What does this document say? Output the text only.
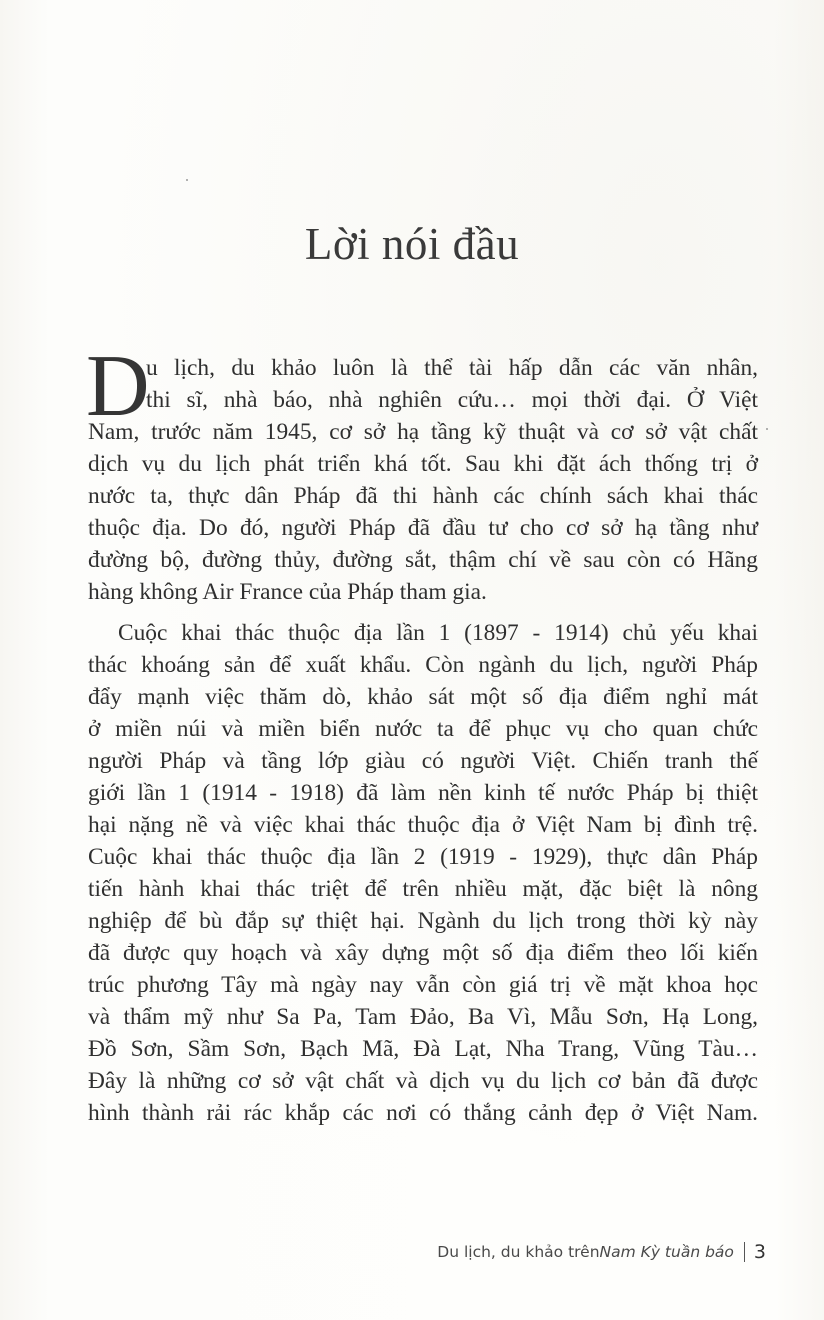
Lời nói đầu
D
u lịch, du khảo luôn là thể tài hấp dẫn các văn nhân,
thi sĩ, nhà báo, nhà nghiên cứu… mọi thời đại. Ở Việt
Nam, trước năm 1945, cơ sở hạ tầng kỹ thuật và cơ sở vật chất
dịch vụ du lịch phát triển khá tốt. Sau khi đặt ách thống trị ở
nước ta, thực dân Pháp đã thi hành các chính sách khai thác
thuộc địa. Do đó, người Pháp đã đầu tư cho cơ sở hạ tầng như
đường bộ, đường thủy, đường sắt, thậm chí về sau còn có Hãng
hàng không Air France của Pháp tham gia.
Cuộc khai thác thuộc địa lần 1 (1897 - 1914) chủ yếu khai
thác khoáng sản để xuất khẩu. Còn ngành du lịch, người Pháp
đẩy mạnh việc thăm dò, khảo sát một số địa điểm nghỉ mát
ở miền núi và miền biển nước ta để phục vụ cho quan chức
người Pháp và tầng lớp giàu có người Việt. Chiến tranh thế
giới lần 1 (1914 - 1918) đã làm nền kinh tế nước Pháp bị thiệt
hại nặng nề và việc khai thác thuộc địa ở Việt Nam bị đình trệ.
Cuộc khai thác thuộc địa lần 2 (1919 - 1929), thực dân Pháp
tiến hành khai thác triệt để trên nhiều mặt, đặc biệt là nông
nghiệp để bù đắp sự thiệt hại. Ngành du lịch trong thời kỳ này
đã được quy hoạch và xây dựng một số địa điểm theo lối kiến
trúc phương Tây mà ngày nay vẫn còn giá trị về mặt khoa học
và thẩm mỹ như Sa Pa, Tam Đảo, Ba Vì, Mẫu Sơn, Hạ Long,
Đồ Sơn, Sầm Sơn, Bạch Mã, Đà Lạt, Nha Trang, Vũng Tàu…
Đây là những cơ sở vật chất và dịch vụ du lịch cơ bản đã được
hình thành rải rác khắp các nơi có thắng cảnh đẹp ở Việt Nam.
Du lịch, du khảo trên Nam Kỳ tuần báo 3
